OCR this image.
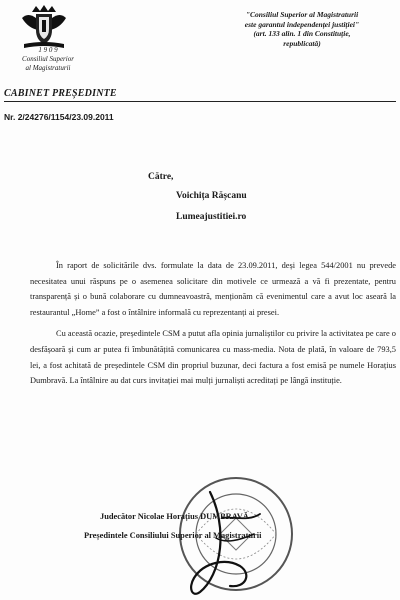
1 9 0 9
Consiliul Superior
al Magistraturii
"Consiliul Superior al Magistraturii
este garantul independenței justiției"
(art. 133 alin. 1 din Constituție,
republicată)
CABINET PREȘEDINTE
Nr. 2/24276/1154/23.09.2011
Către,
Voichița Rășcanu
Lumeajustitiei.ro

În raport de solicitările dvs. formulate la data de 23.09.2011, deși legea 544/2001 nu prevede necesitatea unui răspuns pe o asemenea solicitare din motivele ce urmează a vă fi prezentate, pentru transparență și o bună colaborare cu dumneavoastră, menționăm că evenimentul care a avut loc aseară la restaurantul „Home” a fost o întâlnire informală cu reprezentanți ai presei.

Cu această ocazie, președintele CSM a putut afla opinia jurnaliștilor cu privire la activitatea pe care o desfășoară și cum ar putea fi îmbunătățită comunicarea cu mass-media. Nota de plată, în valoare de 793,5 lei, a fost achitată de președintele CSM din propriul buzunar, deci factura a fost emisă pe numele Horațius Dumbravă. La întâlnire au dat curs invitației mai mulți jurnaliști acreditați pe lângă instituție.

Judecător Nicolae Horațius DUMBRAVĂ
Președintele Consiliului Superior al Magistraturii
